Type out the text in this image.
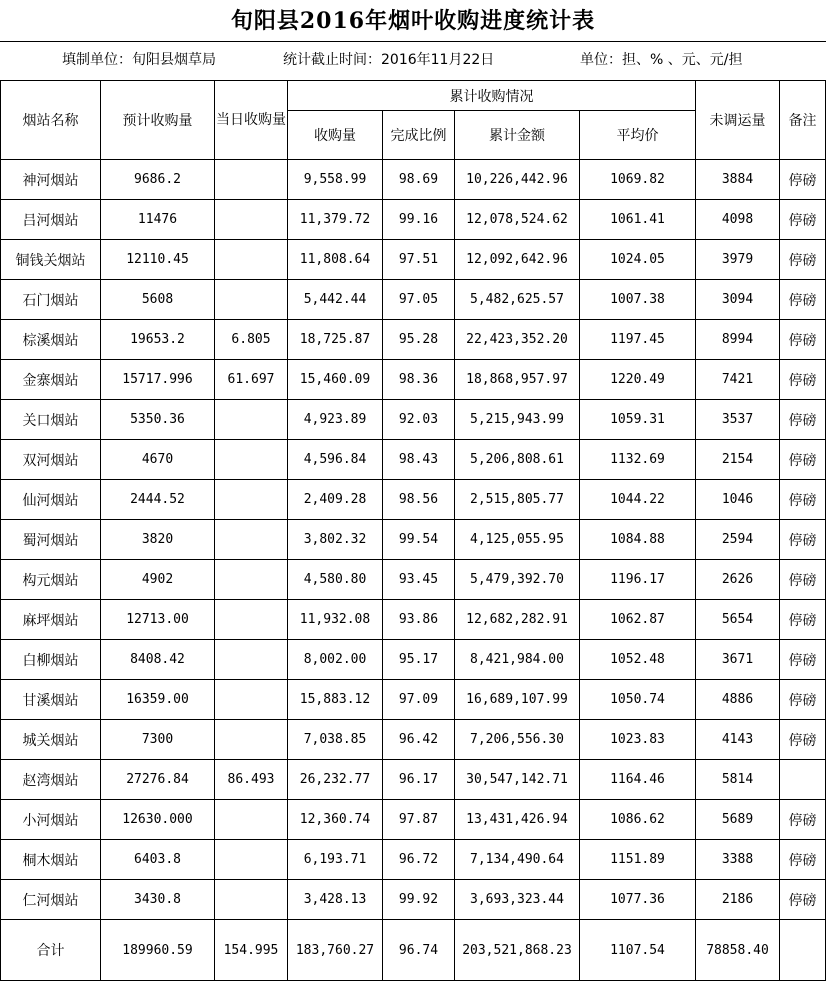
旬阳县2016年烟叶收购进度统计表
填制单位：旬阳县烟草局	统计截止时间：2016年11月22日	单位：担、% 、元、元/担
烟站名称	预计收购量	当日收购量	累计收购情况				未调运量	备注
			收购量	完成比例	累计金额	平均价		
神河烟站	9686.2		9,558.99	98.69	10,226,442.96	1069.82	3884	停磅
吕河烟站	11476		11,379.72	99.16	12,078,524.62	1061.41	4098	停磅
铜钱关烟站	12110.45		11,808.64	97.51	12,092,642.96	1024.05	3979	停磅
石门烟站	5608		5,442.44	97.05	5,482,625.57	1007.38	3094	停磅
棕溪烟站	19653.2	6.805	18,725.87	95.28	22,423,352.20	1197.45	8994	停磅
金寨烟站	15717.996	61.697	15,460.09	98.36	18,868,957.97	1220.49	7421	停磅
关口烟站	5350.36		4,923.89	92.03	5,215,943.99	1059.31	3537	停磅
双河烟站	4670		4,596.84	98.43	5,206,808.61	1132.69	2154	停磅
仙河烟站	2444.52		2,409.28	98.56	2,515,805.77	1044.22	1046	停磅
蜀河烟站	3820		3,802.32	99.54	4,125,055.95	1084.88	2594	停磅
构元烟站	4902		4,580.80	93.45	5,479,392.70	1196.17	2626	停磅
麻坪烟站	12713.00		11,932.08	93.86	12,682,282.91	1062.87	5654	停磅
白柳烟站	8408.42		8,002.00	95.17	8,421,984.00	1052.48	3671	停磅
甘溪烟站	16359.00		15,883.12	97.09	16,689,107.99	1050.74	4886	停磅
城关烟站	7300		7,038.85	96.42	7,206,556.30	1023.83	4143	停磅
赵湾烟站	27276.84	86.493	26,232.77	96.17	30,547,142.71	1164.46	5814	
小河烟站	12630.000		12,360.74	97.87	13,431,426.94	1086.62	5689	停磅
桐木烟站	6403.8		6,193.71	96.72	7,134,490.64	1151.89	3388	停磅
仁河烟站	3430.8		3,428.13	99.92	3,693,323.44	1077.36	2186	停磅
合计	189960.59	154.995	183,760.27	96.74	203,521,868.23	1107.54	78858.40	
